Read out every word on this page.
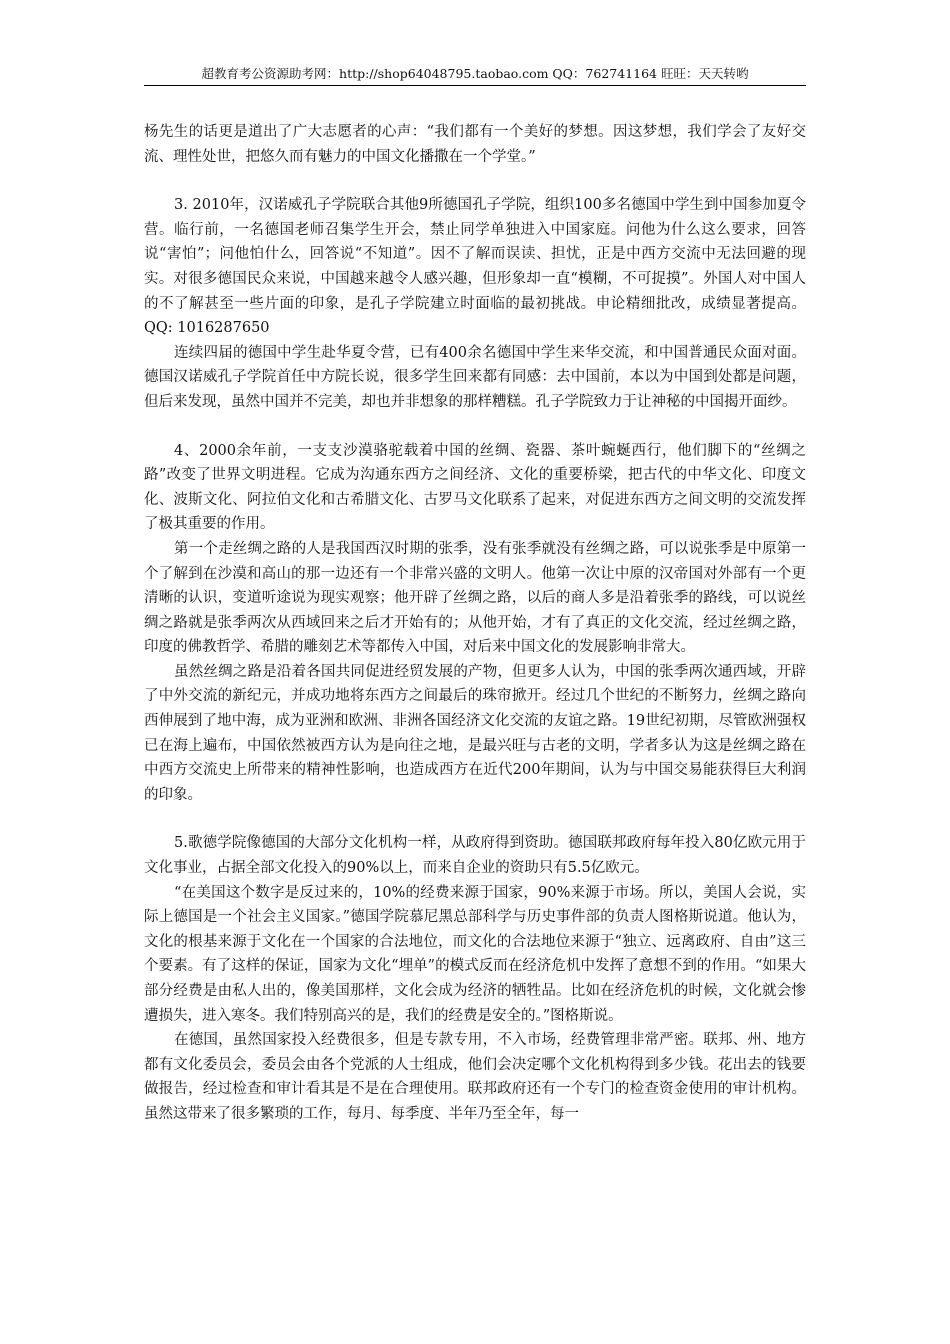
超教育考公资源助考网：http://shop64048795.taobao.com QQ：762741164 旺旺：天天转哟

杨先生的话更是道出了广大志愿者的心声：“我们都有一个美好的梦想。因这梦想，我们学会了友好交流、理性处世，把悠久而有魅力的中国文化播撒在一个学堂。”

3. 2010年，汉诺威孔子学院联合其他9所德国孔子学院，组织100多名德国中学生到中国参加夏令营。临行前，一名德国老师召集学生开会，禁止同学单独进入中国家庭。问他为什么这么要求，回答说“害怕”；问他怕什么，回答说“不知道”。因不了解而误读、担忧，正是中西方交流中无法回避的现实。对很多德国民众来说，中国越来越令人感兴趣，但形象却一直“模糊，不可捉摸”。外国人对中国人的不了解甚至一些片面的印象，是孔子学院建立时面临的最初挑战。申论精细批改，成绩显著提高。QQ: 1016287650

连续四届的德国中学生赴华夏令营，已有400余名德国中学生来华交流，和中国普通民众面对面。德国汉诺威孔子学院首任中方院长说，很多学生回来都有同感：去中国前，本以为中国到处都是问题，但后来发现，虽然中国并不完美，却也并非想象的那样糟糕。孔子学院致力于让神秘的中国揭开面纱。

4、2000余年前，一支支沙漠骆驼载着中国的丝绸、瓷器、茶叶蜿蜒西行，他们脚下的“丝绸之路”改变了世界文明进程。它成为沟通东西方之间经济、文化的重要桥梁，把古代的中华文化、印度文化、波斯文化、阿拉伯文化和古希腊文化、古罗马文化联系了起来，对促进东西方之间文明的交流发挥了极其重要的作用。

第一个走丝绸之路的人是我国西汉时期的张季，没有张季就没有丝绸之路，可以说张季是中原第一个了解到在沙漠和高山的那一边还有一个非常兴盛的文明人。他第一次让中原的汉帝国对外部有一个更清晰的认识，变道听途说为现实观察；他开辟了丝绸之路，以后的商人多是沿着张季的路线，可以说丝绸之路就是张季两次从西域回来之后才开始有的；从他开始，才有了真正的文化交流，经过丝绸之路，印度的佛教哲学、希腊的雕刻艺术等都传入中国，对后来中国文化的发展影响非常大。

虽然丝绸之路是沿着各国共同促进经贸发展的产物，但更多人认为，中国的张季两次通西域，开辟了中外交流的新纪元，并成功地将东西方之间最后的珠帘掀开。经过几个世纪的不断努力，丝绸之路向西伸展到了地中海，成为亚洲和欧洲、非洲各国经济文化交流的友谊之路。19世纪初期，尽管欧洲强权已在海上遍布，中国依然被西方认为是向往之地，是最兴旺与古老的文明，学者多认为这是丝绸之路在中西方交流史上所带来的精神性影响，也造成西方在近代200年期间，认为与中国交易能获得巨大利润的印象。

5.歌德学院像德国的大部分文化机构一样，从政府得到资助。德国联邦政府每年投入80亿欧元用于文化事业，占据全部文化投入的90%以上，而来自企业的资助只有5.5亿欧元。

“在美国这个数字是反过来的，10%的经费来源于国家，90%来源于市场。所以，美国人会说，实际上德国是一个社会主义国家。”德国学院慕尼黑总部科学与历史事件部的负责人图格斯说道。他认为，文化的根基来源于文化在一个国家的合法地位，而文化的合法地位来源于“独立、远离政府、自由”这三个要素。有了这样的保证，国家为文化“埋单”的模式反而在经济危机中发挥了意想不到的作用。“如果大部分经费是由私人出的，像美国那样，文化会成为经济的牺牲品。比如在经济危机的时候，文化就会惨遭损失，进入寒冬。我们特别高兴的是，我们的经费是安全的。”图格斯说。

在德国，虽然国家投入经费很多，但是专款专用，不入市场，经费管理非常严密。联邦、州、地方都有文化委员会，委员会由各个党派的人士组成，他们会决定哪个文化机构得到多少钱。花出去的钱要做报告，经过检查和审计看其是不是在合理使用。联邦政府还有一个专门的检查资金使用的审计机构。虽然这带来了很多繁琐的工作，每月、每季度、半年乃至全年，每一
